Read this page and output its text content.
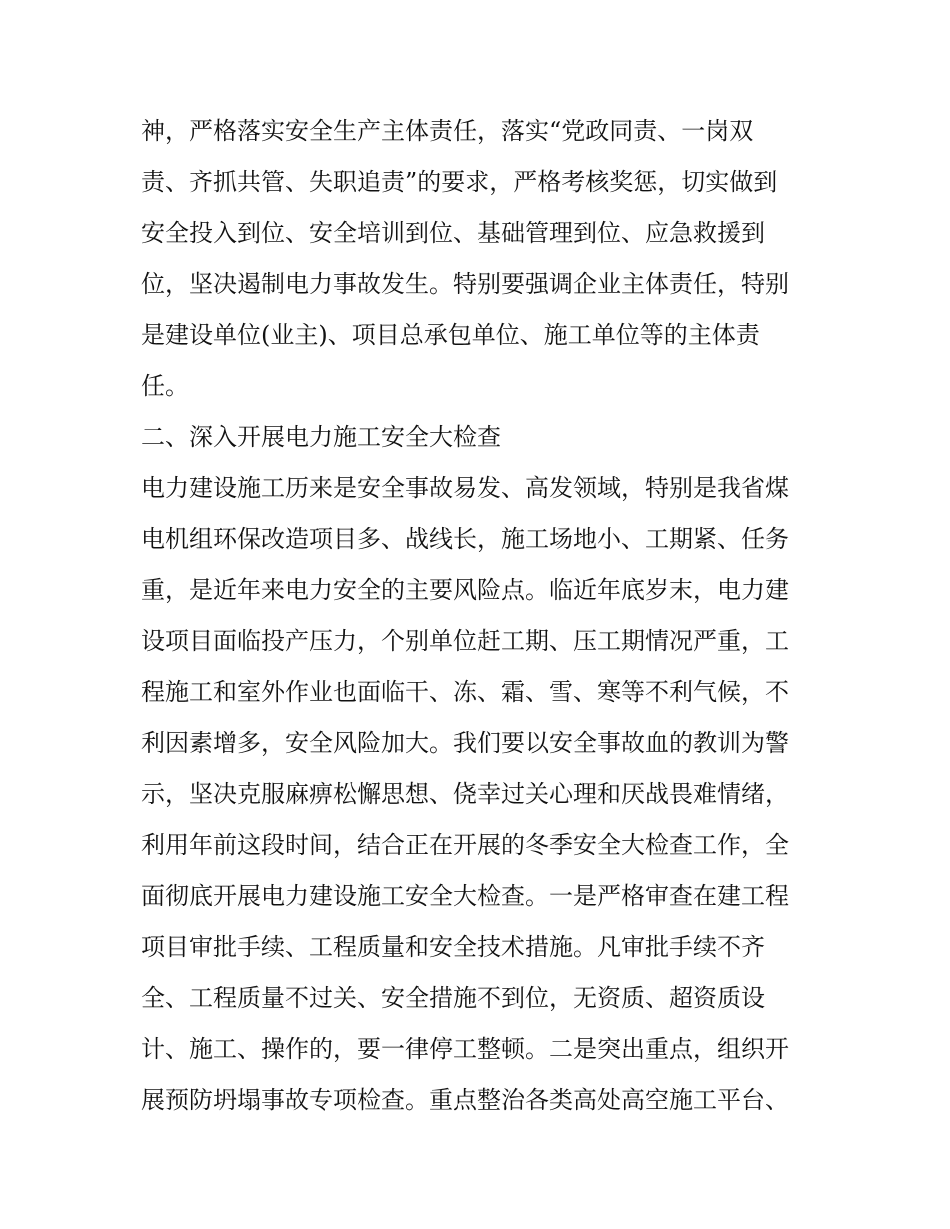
神，严格落实安全生产主体责任，落实“党政同责、一岗双
责、齐抓共管、失职追责”的要求，严格考核奖惩，切实做到
安全投入到位、安全培训到位、基础管理到位、应急救援到
位，坚决遏制电力事故发生。特别要强调企业主体责任，特别
是建设单位(业主)、项目总承包单位、施工单位等的主体责
任。
二、深入开展电力施工安全大检查
电力建设施工历来是安全事故易发、高发领域，特别是我省煤
电机组环保改造项目多、战线长，施工场地小、工期紧、任务
重，是近年来电力安全的主要风险点。临近年底岁末，电力建
设项目面临投产压力，个别单位赶工期、压工期情况严重，工
程施工和室外作业也面临干、冻、霜、雪、寒等不利气候，不
利因素增多，安全风险加大。我们要以安全事故血的教训为警
示，坚决克服麻痹松懈思想、侥幸过关心理和厌战畏难情绪，
利用年前这段时间，结合正在开展的冬季安全大检查工作，全
面彻底开展电力建设施工安全大检查。一是严格审查在建工程
项目审批手续、工程质量和安全技术措施。凡审批手续不齐
全、工程质量不过关、安全措施不到位，无资质、超资质设
计、施工、操作的，要一律停工整顿。二是突出重点，组织开
展预防坍塌事故专项检查。重点整治各类高处高空施工平台、
